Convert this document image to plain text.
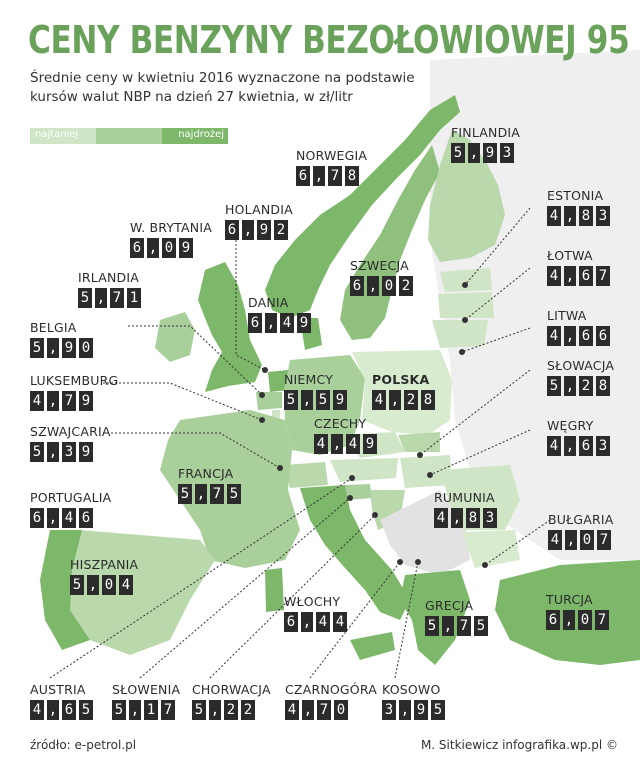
CENY BENZYNY BEZOŁOWIOWEJ 95
Średnie ceny w kwietniu 2016 wyznaczone na podstawie
kursów walut NBP na dzień 27 kwietnia, w zł/litr
najtaniej	najdrożej	FINLANDIA
5 , 9 3
NORWEGIA
6 , 7 8
HOLANDIA
6 , 9 2
W. BRYTANIA
6 , 0 9
ESTONIA
4 , 8 3
ŁOTWA
4 , 6 7
SZWECJA
6 , 0 2
IRLANDIA
5 , 7 1	DANIA
6 , 4 9	LITWA
4 , 6 6
BELGIA
5 , 9 0
NIEMCY
5 , 5 9
POLSKA
4 , 2 8
SŁOWACJA
5 , 2 8
LUKSEMBURG
4 , 7 9
CZECHY
4 , 4 9
WĘGRY
4 , 6 3
SZWAJCARIA
5 , 3 9
FRANCJA
5 , 7 5
PORTUGALIA
6 , 4 6
RUMUNIA
4 , 8 3	BUŁGARIA
4 , 0 7
HISZPANIA
5 , 0 4
TURCJA
6 , 0 7
WŁOCHY
6 , 4 4
GRECJA
5 , 7 5
AUSTRIA
4 , 6 5
SŁOWENIA
5 , 1 7
CHORWACJA
5 , 2 2
CZARNOGÓRA
4 , 7 0
KOSOWO
3 , 9 5
źródło: e-petrol.pl	M. Sitkiewicz infografika.wp.pl ©
